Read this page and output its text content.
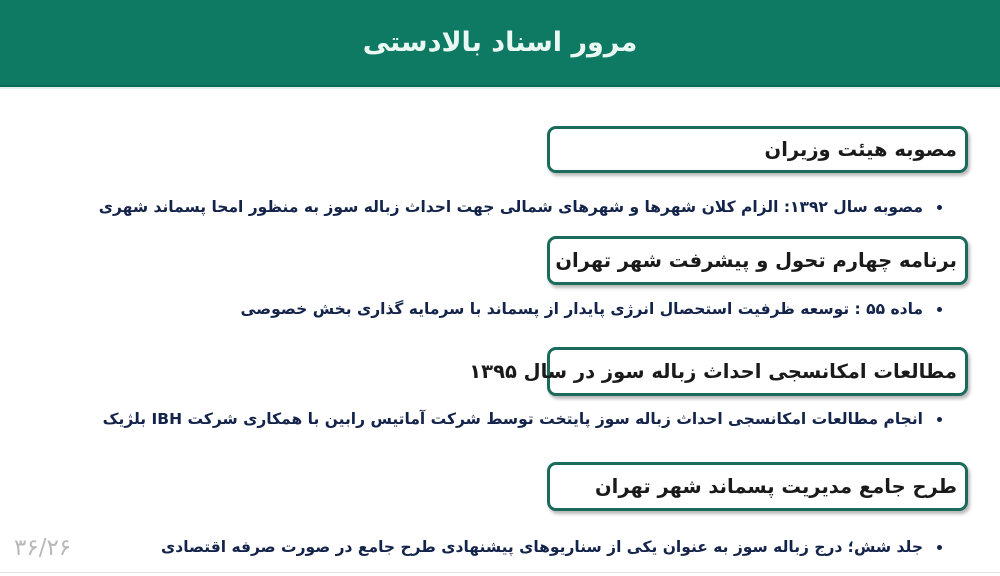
مرور اسناد بالادستی
مصوبه هیئت وزیران
مصوبه سال ۱۳۹۲: الزام کلان شهرها و شهرهای شمالی جهت احداث زباله سوز به منظور امحا پسماند شهری
برنامه چهارم تحول و پیشرفت شهر تهران
ماده ۵۵ : توسعه ظرفیت استحصال انرژی پایدار از پسماند با سرمایه گذاری بخش خصوصی
مطالعات امکانسجی احداث زباله سوز در سال ۱۳۹۵
انجام مطالعات امکانسجی احداث زباله سوز پایتخت توسط شرکت آماتیس رابین با همکاری شرکت IBH بلژیک
طرح جامع مدیریت پسماند شهر تهران
جلد شش؛ درج زباله سوز به عنوان یکی از سناریوهای پیشنهادی طرح جامع در صورت صرفه اقتصادی
۳۶/۲۶
